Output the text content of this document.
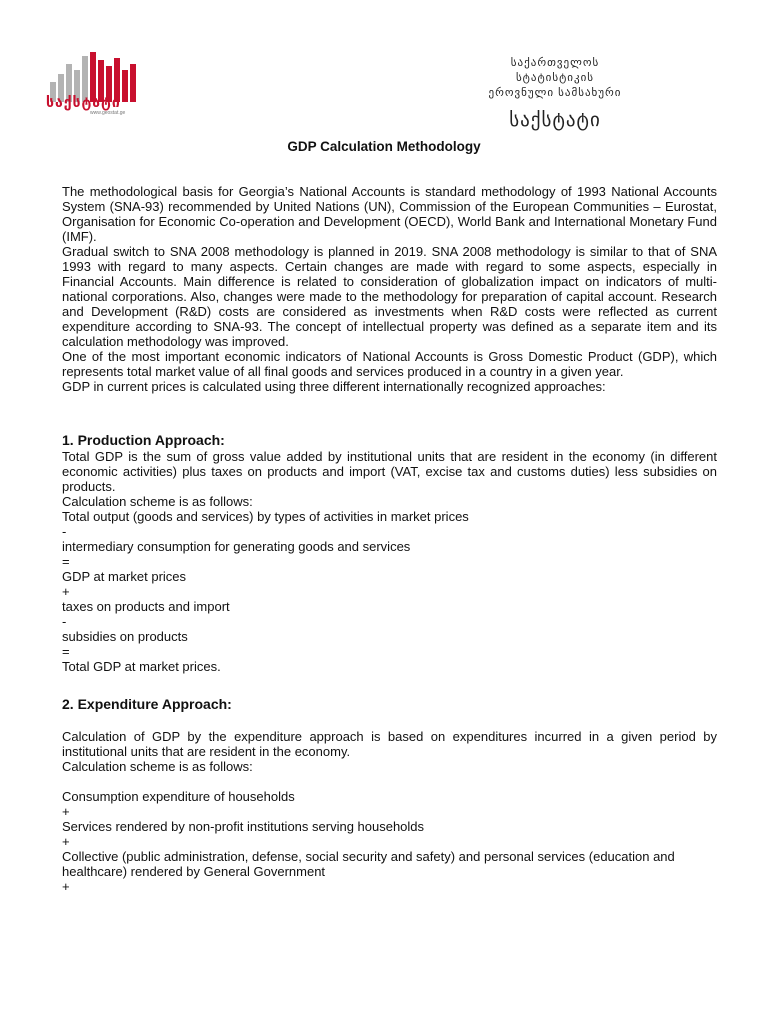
საქსტატი
www.geostat.ge
საქართველოს სტატისტიკის
ეროვნული სამსახური
საქსტატი
GDP Calculation Methodology

The methodological basis for Georgia’s National Accounts is standard methodology of 1993 National Accounts System (SNA-93) recommended by United Nations (UN), Commission of the European Communities – Eurostat, Organisation for Economic Co-operation and Development (OECD), World Bank and International Monetary Fund (IMF).

Gradual switch to SNA 2008 methodology is planned in 2019. SNA 2008 methodology is similar to that of SNA 1993 with regard to many aspects. Certain changes are made with regard to some aspects, especially in Financial Accounts. Main difference is related to consideration of globalization impact on indicators of multi-national corporations. Also, changes were made to the methodology for preparation of capital account. Research and Development (R&D) costs are considered as investments when R&D costs were reflected as current expenditure according to SNA-93. The concept of intellectual property was defined as a separate item and its calculation methodology was improved.

One of the most important economic indicators of National Accounts is Gross Domestic Product (GDP), which represents total market value of all final goods and services produced in a country in a given year.

GDP in current prices is calculated using three different internationally recognized approaches:

1. Production Approach:

Total GDP is the sum of gross value added by institutional units that are resident in the economy (in different economic activities) plus taxes on products and import (VAT, excise tax and customs duties) less subsidies on products.

Calculation scheme is as follows:

Total output (goods and services) by types of activities in market prices

-

intermediary consumption for generating goods and services

=

GDP at market prices

+

taxes on products and import

-

subsidies on products

=

Total GDP at market prices.

2. Expenditure Approach:

Calculation of GDP by the expenditure approach is based on expenditures incurred in a given period by institutional units that are resident in the economy.

Calculation scheme is as follows:

Consumption expenditure of households

+

Services rendered by non-profit institutions serving households

+

Collective (public administration, defense, social security and safety) and personal services (education and healthcare) rendered by General Government

+
